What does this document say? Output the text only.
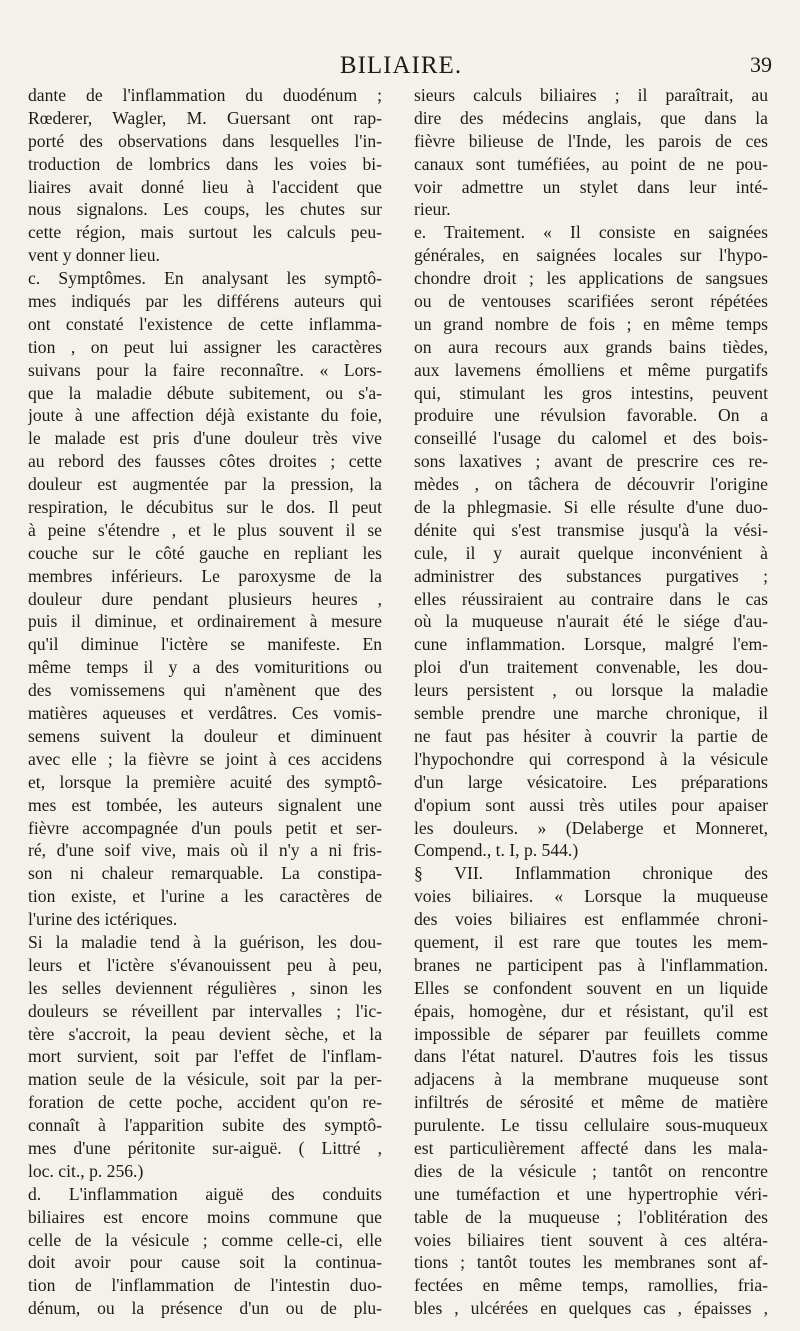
BILIAIRE.	39
dante de l'inflammation du duodénum ;
Rœderer, Wagler, M. Guersant ont rap-
porté des observations dans lesquelles l'in-
troduction de lombrics dans les voies bi-
liaires avait donné lieu à l'accident que
nous signalons. Les coups, les chutes sur
cette région, mais surtout les calculs peu-
vent y donner lieu.
c. Symptômes. En analysant les symptô-
mes indiqués par les différens auteurs qui
ont constaté l'existence de cette inflamma-
tion , on peut lui assigner les caractères
suivans pour la faire reconnaître. « Lors-
que la maladie débute subitement, ou s'a-
joute à une affection déjà existante du foie,
le malade est pris d'une douleur très vive
au rebord des fausses côtes droites ; cette
douleur est augmentée par la pression, la
respiration, le décubitus sur le dos. Il peut
à peine s'étendre , et le plus souvent il se
couche sur le côté gauche en repliant les
membres inférieurs. Le paroxysme de la
douleur dure pendant plusieurs heures ,
puis il diminue, et ordinairement à mesure
qu'il diminue l'ictère se manifeste. En
même temps il y a des vomituritions ou
des vomissemens qui n'amènent que des
matières aqueuses et verdâtres. Ces vomis-
semens suivent la douleur et diminuent
avec elle ; la fièvre se joint à ces accidens
et, lorsque la première acuité des symptô-
mes est tombée, les auteurs signalent une
fièvre accompagnée d'un pouls petit et ser-
ré, d'une soif vive, mais où il n'y a ni fris-
son ni chaleur remarquable. La constipa-
tion existe, et l'urine a les caractères de
l'urine des ictériques.
Si la maladie tend à la guérison, les dou-
leurs et l'ictère s'évanouissent peu à peu,
les selles deviennent régulières , sinon les
douleurs se réveillent par intervalles ; l'ic-
tère s'accroit, la peau devient sèche, et la
mort survient, soit par l'effet de l'inflam-
mation seule de la vésicule, soit par la per-
foration de cette poche, accident qu'on re-
connaît à l'apparition subite des symptô-
mes d'une péritonite sur-aiguë. ( Littré ,
loc. cit., p. 256.)
d. L'inflammation aiguë des conduits
biliaires est encore moins commune que
celle de la vésicule ; comme celle-ci, elle
doit avoir pour cause soit la continua-
tion de l'inflammation de l'intestin duo-
dénum, ou la présence d'un ou de plu-
sieurs calculs biliaires ; il paraîtrait, au
dire des médecins anglais, que dans la
fièvre bilieuse de l'Inde, les parois de ces
canaux sont tuméfiées, au point de ne pou-
voir admettre un stylet dans leur inté-
rieur.
e. Traitement. « Il consiste en saignées
générales, en saignées locales sur l'hypo-
chondre droit ; les applications de sangsues
ou de ventouses scarifiées seront répétées
un grand nombre de fois ; en même temps
on aura recours aux grands bains tièdes,
aux lavemens émolliens et même purgatifs
qui, stimulant les gros intestins, peuvent
produire une révulsion favorable. On a
conseillé l'usage du calomel et des bois-
sons laxatives ; avant de prescrire ces re-
mèdes , on tâchera de découvrir l'origine
de la phlegmasie. Si elle résulte d'une duo-
dénite qui s'est transmise jusqu'à la vési-
cule, il y aurait quelque inconvénient à
administrer des substances purgatives ;
elles réussiraient au contraire dans le cas
où la muqueuse n'aurait été le siége d'au-
cune inflammation. Lorsque, malgré l'em-
ploi d'un traitement convenable, les dou-
leurs persistent , ou lorsque la maladie
semble prendre une marche chronique, il
ne faut pas hésiter à couvrir la partie de
l'hypochondre qui correspond à la vésicule
d'un large vésicatoire. Les préparations
d'opium sont aussi très utiles pour apaiser
les douleurs. » (Delaberge et Monneret,
Compend., t. I, p. 544.)
§ VII. Inflammation chronique des
voies biliaires. « Lorsque la muqueuse
des voies biliaires est enflammée chroni-
quement, il est rare que toutes les mem-
branes ne participent pas à l'inflammation.
Elles se confondent souvent en un liquide
épais, homogène, dur et résistant, qu'il est
impossible de séparer par feuillets comme
dans l'état naturel. D'autres fois les tissus
adjacens à la membrane muqueuse sont
infiltrés de sérosité et même de matière
purulente. Le tissu cellulaire sous-muqueux
est particulièrement affecté dans les mala-
dies de la vésicule ; tantôt on rencontre
une tuméfaction et une hypertrophie véri-
table de la muqueuse ; l'oblitération des
voies biliaires tient souvent à ces altéra-
tions ; tantôt toutes les membranes sont af-
fectées en même temps, ramollies, fria-
bles , ulcérées en quelques cas , épaisses ,
